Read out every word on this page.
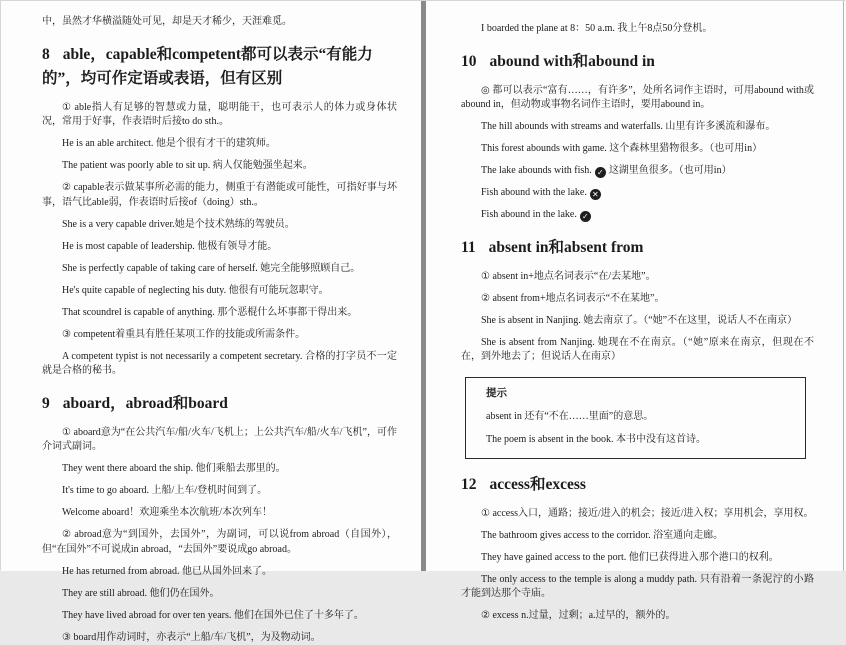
中，虽然才华横溢随处可见，却是天才稀少，天涯难觅。

8 able，capable和competent都可以表示“有能力的”，均可作定语或表语，但有区别

① able指人有足够的智慧或力量，聪明能干，也可表示人的体力或身体状况，常用于好事，作表语时后接to do sth.。

He is an able architect. 他是个很有才干的建筑师。

The patient was poorly able to sit up. 病人仅能勉强坐起来。

② capable表示做某事所必需的能力，侧重于有潜能或可能性，可指好事与坏事，语气比able弱，作表语时后接of（doing）sth.。

She is a very capable driver.她是个技术熟练的驾驶员。

He is most capable of leadership. 他极有领导才能。

She is perfectly capable of taking care of herself. 她完全能够照顾自己。

He's quite capable of neglecting his duty. 他很有可能玩忽职守。

That scoundrel is capable of anything. 那个恶棍什么坏事都干得出来。

③ competent着重具有胜任某项工作的技能或所需条件。

A competent typist is not necessarily a competent secretary. 合格的打字员不一定就是合格的秘书。

9 aboard，abroad和board

① aboard意为“在公共汽车/船/火车/飞机上；上公共汽车/船/火车/飞机”，可作介词式副词。

They went there aboard the ship. 他们乘船去那里的。

It's time to go aboard. 上船/上车/登机时间到了。

Welcome aboard！欢迎乘坐本次航班/本次列车！

② abroad意为“到国外，去国外”，为副词，可以说from abroad（自国外），但“在国外”不可说成in abroad，“去国外”要说成go abroad。

He has returned from abroad. 他已从国外回来了。

They are still abroad. 他们仍在国外。

They have lived abroad for over ten years. 他们在国外已住了十多年了。

③ board用作动词时，亦表示“上船/车/飞机”，为及物动词。

I boarded the plane at 8：50 a.m. 我上午8点50分登机。

10 abound with和abound in

◎ 都可以表示“富有……，有许多”，处所名词作主语时，可用abound with或abound in，但动物或事物名词作主语时，要用abound in。

The hill abounds with streams and waterfalls. 山里有许多溪流和瀑布。

This forest abounds with game. 这个森林里猎物很多。（也可用in）

The lake abounds with fish. ✓ 这湖里鱼很多。（也可用in）

Fish abound with the lake. ✕

Fish abound in the lake. ✓

11 absent in和absent from

① absent in+地点名词表示“在/去某地”。

② absent from+地点名词表示“不在某地”。

She is absent in Nanjing. 她去南京了。（“她”不在这里，说话人不在南京）

She is absent from Nanjing. 她现在不在南京。（“她”原来在南京，但现在不在，到外地去了；但说话人在南京）

提示

absent in 还有“不在……里面”的意思。

The poem is absent in the book. 本书中没有这首诗。

12 access和excess

① access入口，通路；接近/进入的机会；接近/进入权；享用机会，享用权。

The bathroom gives access to the corridor. 浴室通向走廊。

They have gained access to the port. 他们已获得进入那个港口的权利。

The only access to the temple is along a muddy path. 只有沿着一条泥泞的小路才能到达那个寺庙。

② excess n.过量，过剩；a.过早的，额外的。
